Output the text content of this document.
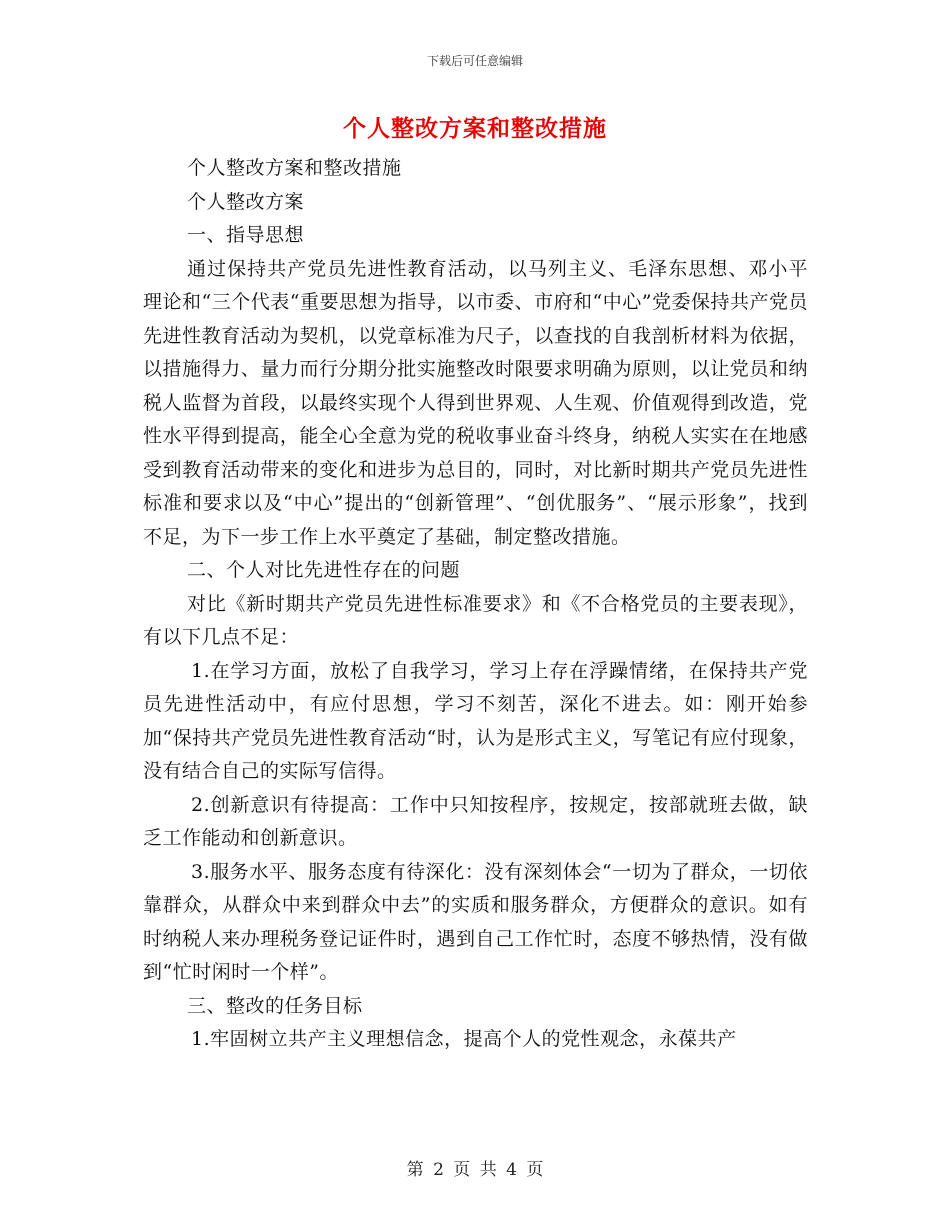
下载后可任意编辑
个人整改方案和整改措施

个人整改方案和整改措施

个人整改方案

一、指导思想

通过保持共产党员先进性教育活动，以马列主义、毛泽东思想、邓小平理论和“三个代表“重要思想为指导，以市委、市府和“中心”党委保持共产党员先进性教育活动为契机，以党章标准为尺子，以查找的自我剖析材料为依据，以措施得力、量力而行分期分批实施整改时限要求明确为原则，以让党员和纳税人监督为首段，以最终实现个人得到世界观、人生观、价值观得到改造，党性水平得到提高，能全心全意为党的税收事业奋斗终身，纳税人实实在在地感受到教育活动带来的变化和进步为总目的，同时，对比新时期共产党员先进性标准和要求以及“中心”提出的“创新管理”、“创优服务”、“展示形象”，找到不足，为下一步工作上水平奠定了基础，制定整改措施。

二、个人对比先进性存在的问题

对比《新时期共产党员先进性标准要求》和《不合格党员的主要表现》，有以下几点不足：

1.在学习方面，放松了自我学习，学习上存在浮躁情绪，在保持共产党员先进性活动中，有应付思想，学习不刻苦，深化不进去。如：刚开始参加“保持共产党员先进性教育活动“时，认为是形式主义，写笔记有应付现象，没有结合自己的实际写信得。

2.创新意识有待提高：工作中只知按程序，按规定，按部就班去做，缺乏工作能动和创新意识。

3.服务水平、服务态度有待深化：没有深刻体会“一切为了群众，一切依靠群众，从群众中来到群众中去”的实质和服务群众，方便群众的意识。如有时纳税人来办理税务登记证件时，遇到自己工作忙时，态度不够热情，没有做到“忙时闲时一个样”。

三、整改的任务目标

1.牢固树立共产主义理想信念，提高个人的党性观念，永葆共产

第 2 页 共 4 页
